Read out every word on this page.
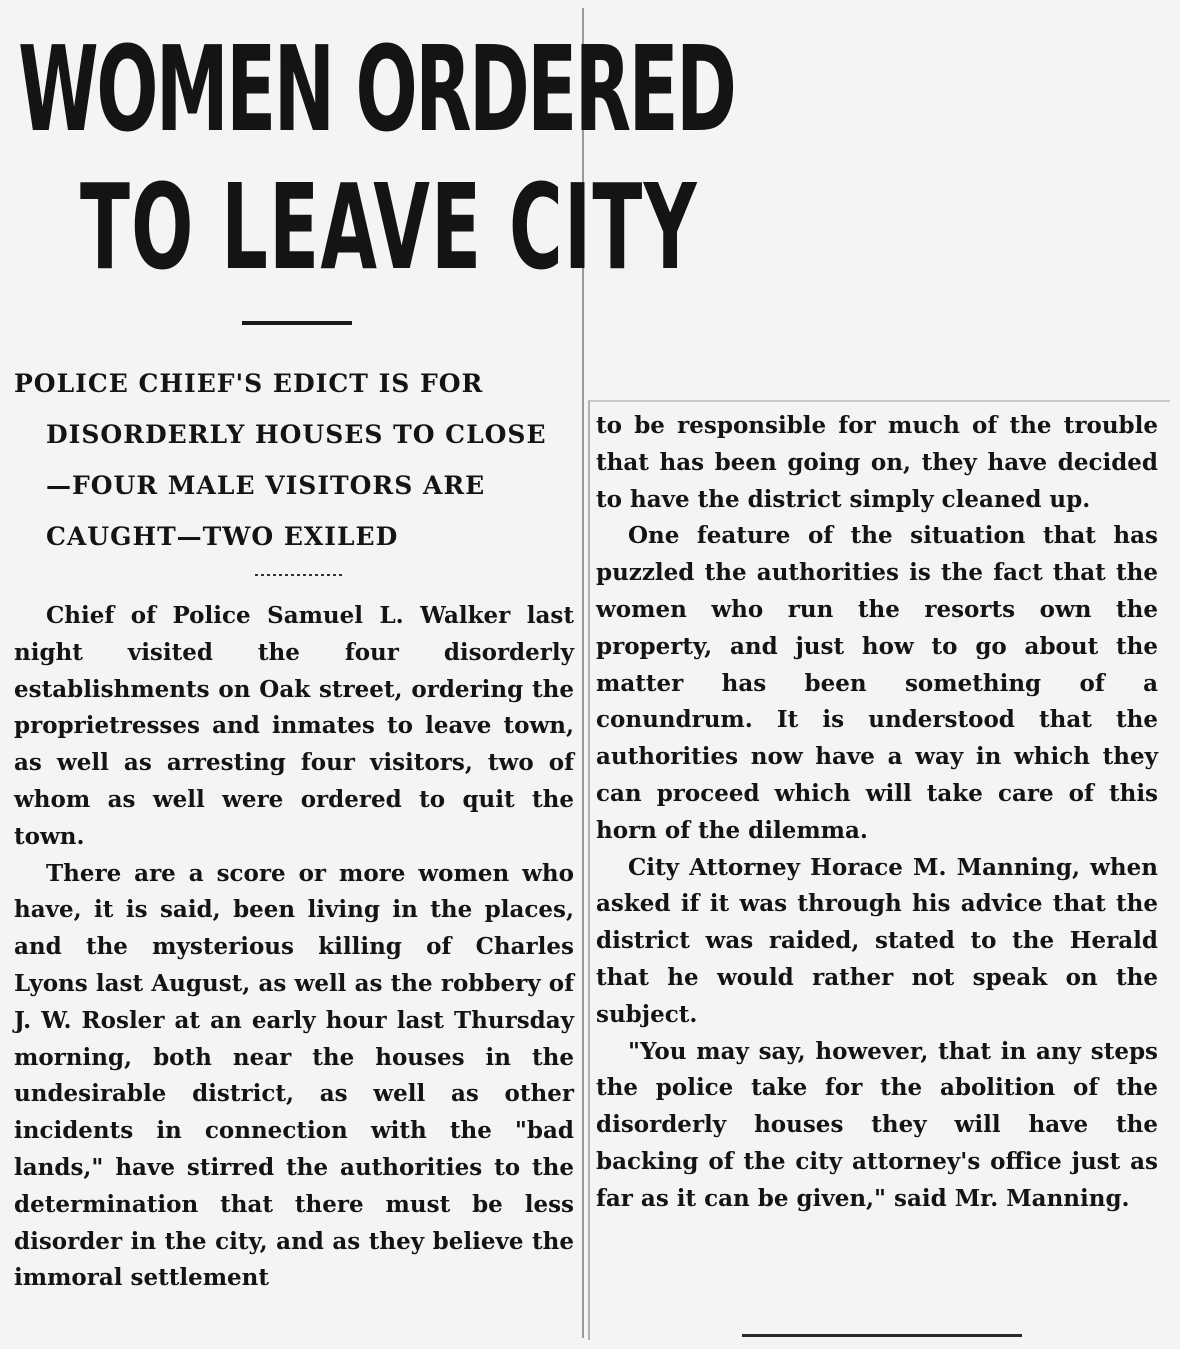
WOMEN ORDERED
TO LEAVE CITY
POLICE CHIEF'S EDICT IS FOR
DISORDERLY HOUSES TO CLOSE
—FOUR MALE VISITORS ARE
CAUGHT—TWO EXILED

Chief of Police Samuel L. Walker last night visited the four disorderly establishments on Oak street, ordering the proprietresses and inmates to leave town, as well as arresting four visitors, two of whom as well were ordered to quit the town.

There are a score or more women who have, it is said, been living in the places, and the mysterious killing of Charles Lyons last August, as well as the robbery of J. W. Rosler at an early hour last Thursday morning, both near the houses in the undesirable district, as well as other incidents in connection with the "bad lands," have stirred the authorities to the determination that there must be less disorder in the city, and as they believe the immoral settlement

to be responsible for much of the trouble that has been going on, they have decided to have the district simply cleaned up.

One feature of the situation that has puzzled the authorities is the fact that the women who run the resorts own the property, and just how to go about the matter has been something of a conundrum. It is understood that the authorities now have a way in which they can proceed which will take care of this horn of the dilemma.

City Attorney Horace M. Manning, when asked if it was through his advice that the district was raided, stated to the Herald that he would rather not speak on the subject.

"You may say, however, that in any steps the police take for the abolition of the disorderly houses they will have the backing of the city attorney's office just as far as it can be given," said Mr. Manning.
